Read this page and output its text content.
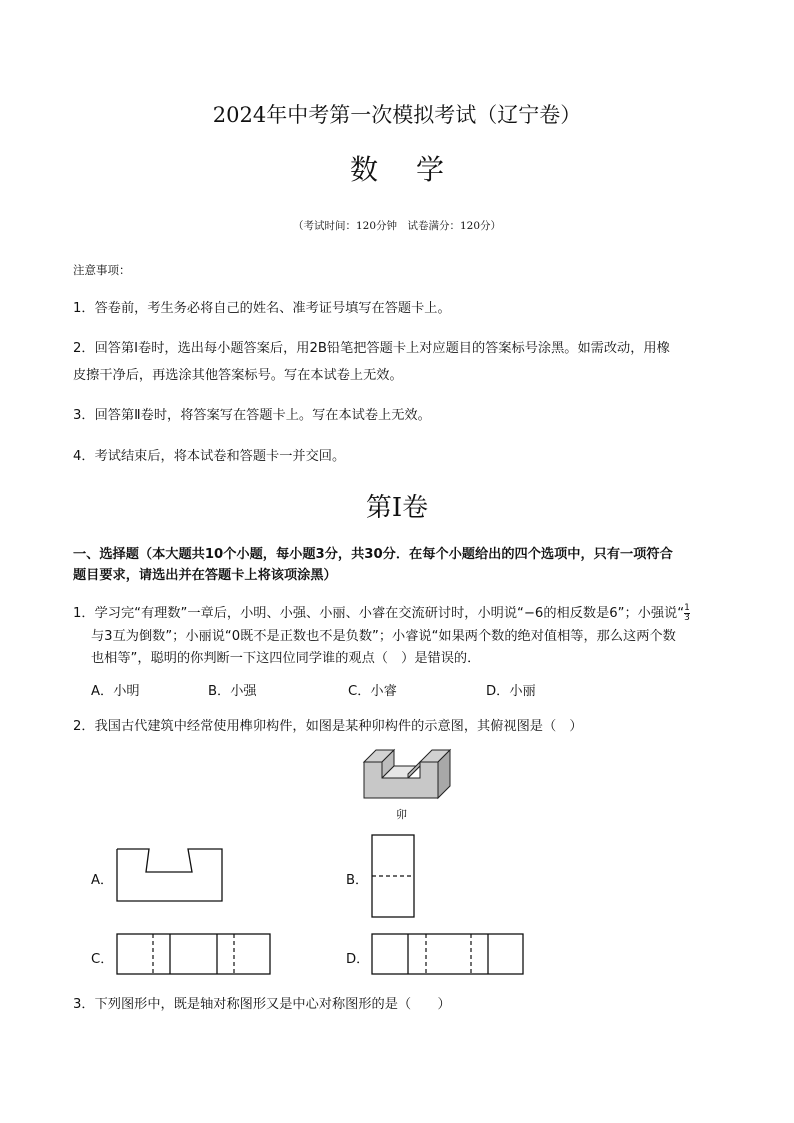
2024年中考第一次模拟考试（辽宁卷）
数学
（考试时间：120分钟　试卷满分：120分）
注意事项：
1．答卷前，考生务必将自己的姓名、准考证号填写在答题卡上。
2．回答第Ⅰ卷时，选出每小题答案后，用2B铅笔把答题卡上对应题目的答案标号涂黑。如需改动，用橡
皮擦干净后，再选涂其他答案标号。写在本试卷上无效。
3．回答第Ⅱ卷时，将答案写在答题卡上。写在本试卷上无效。
4．考试结束后，将本试卷和答题卡一并交回。
第Ⅰ卷
一、选择题（本大题共10个小题，每小题3分，共30分．在每个小题给出的四个选项中，只有一项符合
题目要求，请选出并在答题卡上将该项涂黑）
1．学习完“有理数”一章后，小明、小强、小丽、小睿在交流研讨时，小明说“−6的相反数是6”；小强说“ $\frac{1}{3}$
与3互为倒数”；小丽说“0既不是正数也不是负数”；小睿说“如果两个数的绝对值相等，那么这两个数
也相等”，聪明的你判断一下这四位同学谁的观点（　）是错误的．
A．小明	B．小强	C．小睿	D．小丽
2．我国古代建筑中经常使用榫卯构件，如图是某种卯构件的示意图，其俯视图是（　）
卯
A．	B．
C．	D．
3．下列图形中，既是轴对称图形又是中心对称图形的是（　　）
